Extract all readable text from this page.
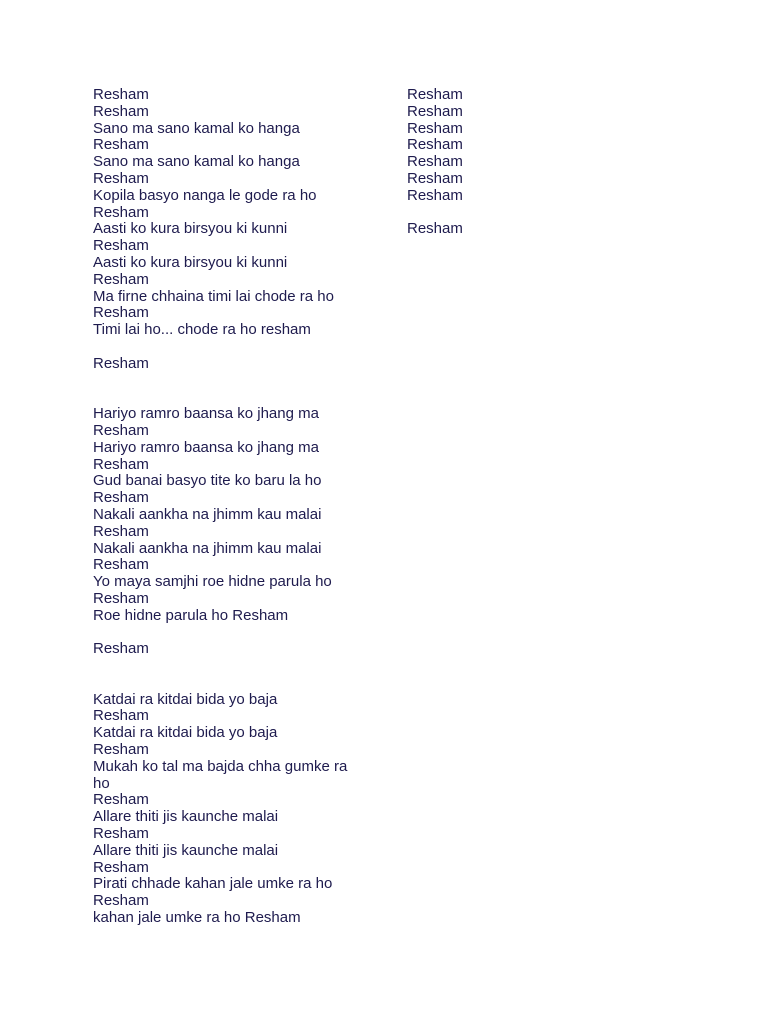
Resham
Resham
Sano ma sano kamal ko hanga
Resham
Sano ma sano kamal ko hanga
Resham
Kopila basyo nanga le gode ra ho
Resham
Aasti ko kura birsyou ki kunni
Resham
Aasti ko kura birsyou ki kunni
Resham
Ma firne chhaina timi lai chode ra ho
Resham
Timi lai ho... chode ra ho resham
Resham
Hariyo ramro baansa ko jhang ma
Resham
Hariyo ramro baansa ko jhang ma
Resham
Gud banai basyo tite ko baru la ho
Resham
Nakali aankha na jhimm kau malai
Resham
Nakali aankha na jhimm kau malai
Resham
Yo maya samjhi roe hidne parula ho
Resham
Roe hidne parula ho Resham
Resham
Katdai ra kitdai bida yo baja
Resham
Katdai ra kitdai bida yo baja
Resham
Mukah ko tal ma bajda chha gumke ra ho
Resham
Allare thiti jis kaunche malai
Resham
Allare thiti jis kaunche malai
Resham
Pirati chhade kahan jale umke ra ho
Resham
kahan jale umke ra ho Resham
Resham
Resham
Resham
Resham
Resham
Resham
Resham
Resham
